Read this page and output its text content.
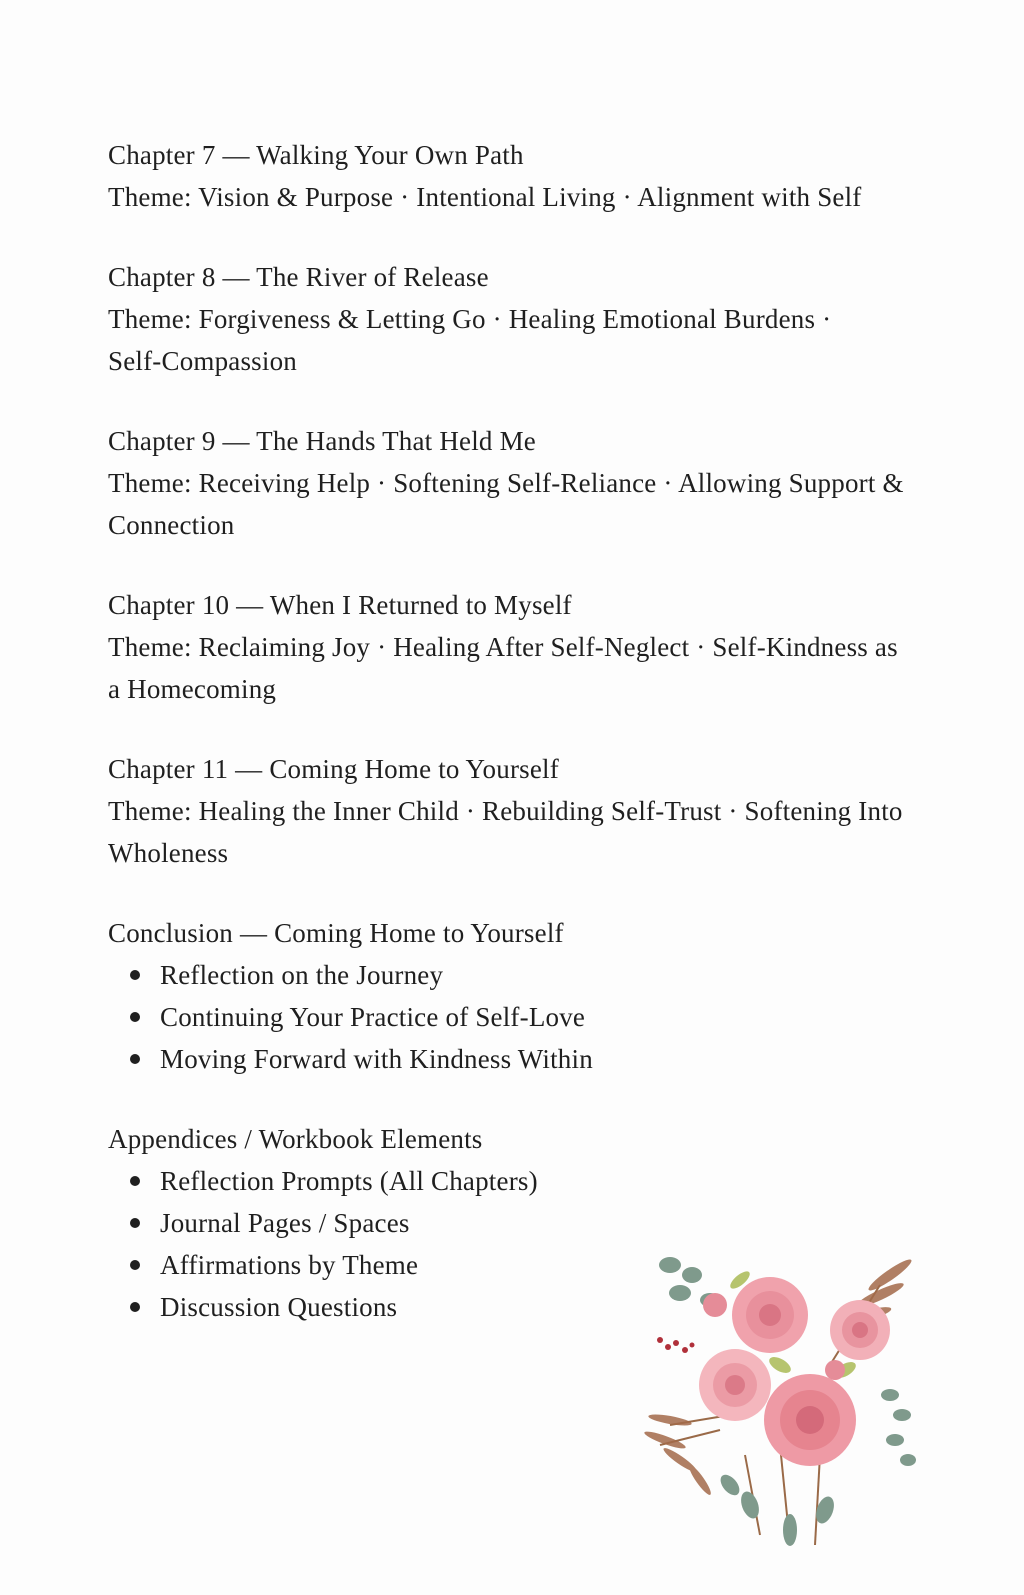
Chapter 7 — Walking Your Own Path
Theme: Vision & Purpose · Intentional Living · Alignment with Self
Chapter 8 — The River of Release
Theme: Forgiveness & Letting Go · Healing Emotional Burdens · Self-Compassion
Chapter 9 — The Hands That Held Me
Theme: Receiving Help · Softening Self-Reliance · Allowing Support & Connection
Chapter 10 — When I Returned to Myself
Theme: Reclaiming Joy · Healing After Self-Neglect · Self-Kindness as a Homecoming
Chapter 11 — Coming Home to Yourself
Theme: Healing the Inner Child · Rebuilding Self-Trust · Softening Into Wholeness
Conclusion — Coming Home to Yourself
Reflection on the Journey
Continuing Your Practice of Self-Love
Moving Forward with Kindness Within
Appendices / Workbook Elements
Reflection Prompts (All Chapters)
Journal Pages / Spaces
Affirmations by Theme
Discussion Questions
